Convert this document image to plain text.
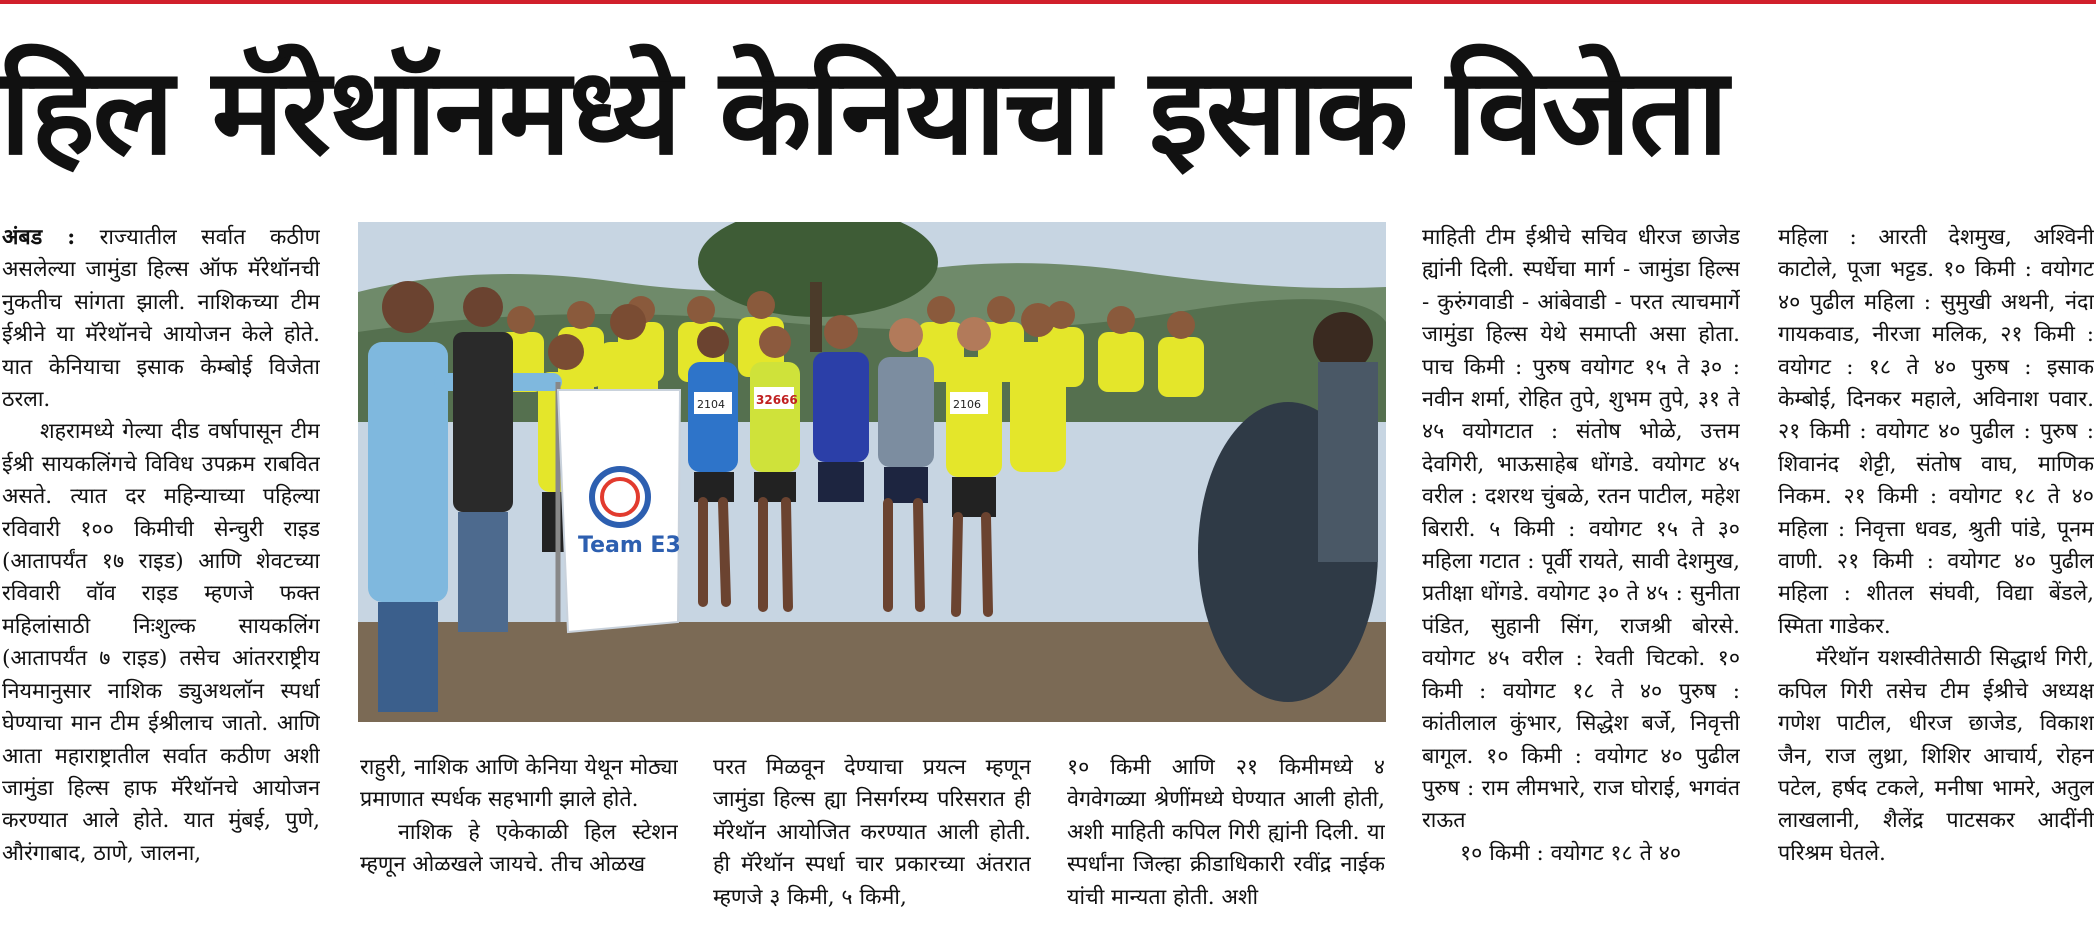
हिल मॅरेथॉनमध्ये केनियाचा इसाक विजेता

अंबड : राज्यातील सर्वात कठीण असलेल्या जामुंडा हिल्स ऑफ मॅरेथॉनची नुकतीच सांगता झाली. नाशिकच्या टीम ईश्रीने या मॅरेथॉनचे आयोजन केले होते. यात केनियाचा इसाक केम्बोई विजेता ठरला.

शहरामध्ये गेल्या दीड वर्षापासून टीम ईश्री सायकलिंगचे विविध उपक्रम राबवित असते. त्यात दर महिन्याच्या पहिल्या रविवारी १०० किमीची सेन्चुरी राइड (आतापर्यंत १७ राइड) आणि शेवटच्या रविवारी वॉव राइड म्हणजे फक्त महिलांसाठी निःशुल्क सायकलिंग (आतापर्यंत ७ राइड) तसेच आंतरराष्ट्रीय नियमानुसार नाशिक ड्युअथलॉन स्पर्धा घेण्याचा मान टीम ईश्रीलाच जातो. आणि आता महाराष्ट्रातील सर्वात कठीण अशी जामुंडा हिल्स हाफ मॅरेथॉनचे आयोजन करण्यात आले होते. यात मुंबई, पुणे, औरंगाबाद, ठाणे, जालना,

Team E3
32666
2104	2106

राहुरी, नाशिक आणि केनिया येथून मोठ्या प्रमाणात स्पर्धक सहभागी झाले होते.

नाशिक हे एकेकाळी हिल स्टेशन म्हणून ओळखले जायचे. तीच ओळख

परत मिळवून देण्याचा प्रयत्न म्हणून जामुंडा हिल्स ह्या निसर्गरम्य परिसरात ही मॅरेथॉन आयोजित करण्यात आली होती. ही मॅरेथॉन स्पर्धा चार प्रकारच्या अंतरात म्हणजे ३ किमी, ५ किमी,

१० किमी आणि २१ किमीमध्ये ४ वेगवेगळ्या श्रेणींमध्ये घेण्यात आली होती, अशी माहिती कपिल गिरी ह्यांनी दिली. या स्पर्धांना जिल्हा क्रीडाधिकारी रवींद्र नाईक यांची मान्यता होती. अशी

माहिती टीम ईश्रीचे सचिव धीरज छाजेड ह्यांनी दिली. स्पर्धेचा मार्ग - जामुंडा हिल्स - कुरुंगवाडी - आंबेवाडी - परत त्याचमार्गे जामुंडा हिल्स येथे समाप्ती असा होता. पाच किमी : पुरुष वयोगट १५ ते ३० : नवीन शर्मा, रोहित तुपे, शुभम तुपे, ३१ ते ४५ वयोगटात : संतोष भोळे, उत्तम देवगिरी, भाऊसाहेब धोंगडे. वयोगट ४५ वरील : दशरथ चुंबळे, रतन पाटील, महेश बिरारी. ५ किमी : वयोगट १५ ते ३० महिला गटात : पूर्वी रायते, सावी देशमुख, प्रतीक्षा धोंगडे. वयोगट ३० ते ४५ : सुनीता पंडित, सुहानी सिंग, राजश्री बोरसे. वयोगट ४५ वरील : रेवती चिटको. १० किमी : वयोगट १८ ते ४० पुरुष : कांतीलाल कुंभार, सिद्धेश बर्जे, निवृत्ती बागूल. १० किमी : वयोगट ४० पुढील पुरुष : राम लीमभारे, राज घोराई, भगवंत राऊत

१० किमी : वयोगट १८ ते ४०

महिला : आरती देशमुख, अश्विनी काटोले, पूजा भट्टड. १० किमी : वयोगट ४० पुढील महिला : सुमुखी अथनी, नंदा गायकवाड, नीरजा मलिक, २१ किमी : वयोगट : १८ ते ४० पुरुष : इसाक केम्बोई, दिनकर महाले, अविनाश पवार. २१ किमी : वयोगट ४० पुढील : पुरुष : शिवानंद शेट्टी, संतोष वाघ, माणिक निकम. २१ किमी : वयोगट १८ ते ४० महिला : निवृत्ता धवड, श्रुती पांडे, पूनम वाणी. २१ किमी : वयोगट ४० पुढील महिला : शीतल संघवी, विद्या बेंडले, स्मिता गाडेकर.

मॅरेथॉन यशस्वीतेसाठी सिद्धार्थ गिरी, कपिल गिरी तसेच टीम ईश्रीचे अध्यक्ष गणेश पाटील, धीरज छाजेड, विकाश जैन, राज लुथ्रा, शिशिर आचार्य, रोहन पटेल, हर्षद टकले, मनीषा भामरे, अतुल लाखलानी, शैलेंद्र पाटसकर आदींनी परिश्रम घेतले.
